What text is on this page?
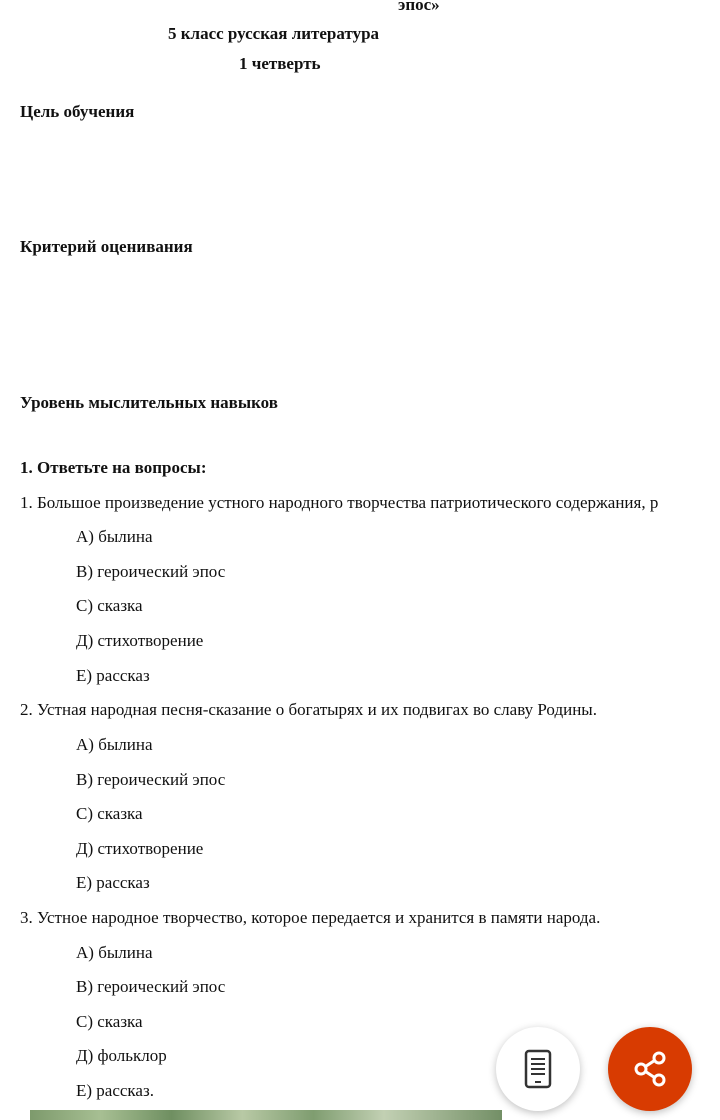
эпос»
5 класс русская литература
1 четверть
Цель обучения
Критерий оценивания
Уровень мыслительных навыков
1. Ответьте на вопросы:
1. Большое произведение устного народного творчества патриотического содержания, р
А) былина
В) героический эпос
С) сказка
Д) стихотворение
Е) рассказ
2. Устная народная песня-сказание о богатырях и их подвигах во славу Родины.
А) былина
В) героический эпос
С) сказка
Д) стихотворение
Е) рассказ
3. Устное народное творчество, которое передается и хранится в памяти народа.
А) былина
В) героический эпос
С) сказка
Д) фольклор
Е) рассказ.
